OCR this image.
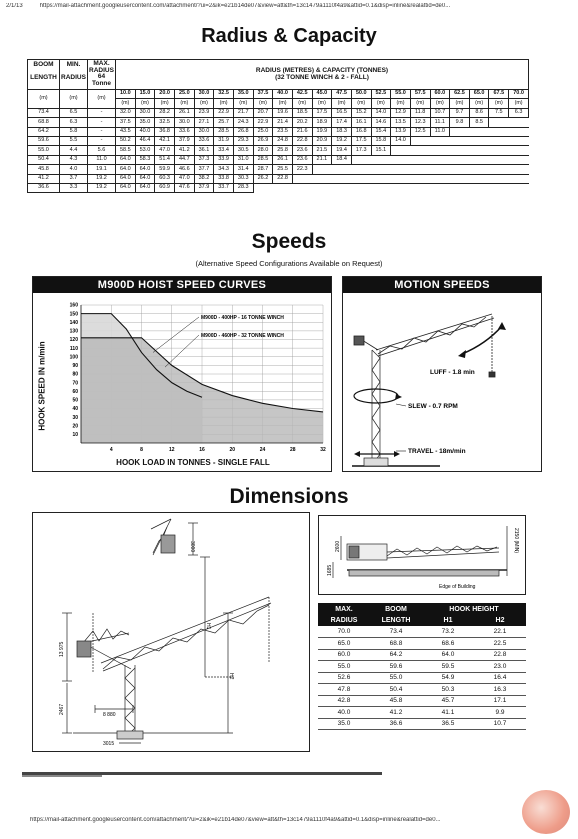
2/1/13	https://mail-attachment.googleusercontent.com/attachment/?ui=2&ik=e21b14de07&view=att&th=13c1479a1110f4a9&attid=0.1&disp=inline&realattid=de0...
Radius & Capacity
BOOM

LENGTH	MIN.

RADIUS	MAX. RADIUS 64 Tonne	RADIUS (METRES) & CAPACITY (TONNES)
(32 TONNE WINCH & 2 - FALL)																				
(m)	(m)	(m)	10.0	15.0	20.0	25.0	30.0	32.5	35.0	37.5	40.0	42.5	45.0	47.5	50.0	52.5	55.0	57.5	60.0	62.5	65.0	67.5	70.0
			(m)	(m)	(m)	(m)	(m)	(m)	(m)	(m)	(m)	(m)	(m)	(m)	(m)	(m)	(m)	(m)	(m)	(m)	(m)	(m)	(m)
73.4	6.5	-	32.0	30.0	28.2	26.1	23.9	22.9	21.7	20.7	19.6	18.5	17.5	16.5	15.2	14.0	12.9	11.8	10.7	9.7	8.6	7.5	6.3
68.8	6.3	-	37.5	35.0	32.5	30.0	27.1	25.7	24.3	22.9	21.4	20.2	18.9	17.4	16.1	14.6	13.5	12.3	11.1	9.8	8.5		
64.2	5.8	-	43.5	40.0	36.8	33.6	30.0	28.5	26.8	25.0	23.5	21.6	19.9	18.3	16.8	15.4	13.9	12.5	11.0				
59.6	5.5	-	50.2	46.4	42.1	37.9	33.6	31.9	29.3	26.9	24.8	22.8	20.9	19.2	17.5	15.8	14.0						
55.0	4.4	5.6	58.5	53.0	47.0	41.2	36.1	33.4	30.5	28.0	25.8	23.6	21.5	19.4	17.3	15.1							
50.4	4.3	11.0	64.0	58.3	51.4	44.7	37.3	33.9	31.0	28.5	26.1	23.6	21.1	18.4									
45.8	4.0	19.1	64.0	64.0	59.9	46.6	37.7	34.3	31.4	28.7	25.5	22.3											
41.2	3.7	19.2	64.0	64.0	60.3	47.0	38.2	33.8	30.3	26.2	22.8												
36.6	3.3	19.2	64.0	64.0	60.9	47.6	37.9	33.7	28.3														
Speeds
(Alternative Speed Configurations Available on Request)
M900D HOIST SPEED CURVES
HOOK SPEED IN m/min
10
20
30
40
50
60
70
80
90
100
110
120
130
140
150
160
4	8	12	16	20	24	28	32
M900D - 400HP - 16 TONNE WINCH
M900D - 460HP - 32 TONNE WINCH
HOOK LOAD IN TONNES - SINGLE FALL
MOTION SPEEDS
LUFF - 1.8 min
SLEW - 0.7 RPM
TRAVEL - 18m/min
Dimensions
3000
H1
H2
13 975
2467	8 880
3015
2600	2150 (MIN)
1685
Edge of Building
MAX.	BOOM	HOOK HEIGHT	
RADIUS	LENGTH	H1	H2
70.0	73.4	73.2	22.1
65.0	68.8	68.6	22.5
60.0	64.2	64.0	22.8
55.0	59.6	59.5	23.0
52.6	55.0	54.9	16.4
47.8	50.4	50.3	16.3
42.8	45.8	45.7	17.1
40.0	41.2	41.1	9.9
35.0	36.6	36.5	10.7
https://mail-attachment.googleusercontent.com/attachment/?ui=2&ik=e21b14de07&view=att&th=13c1479a1110f4a9&attid=0.1&disp=inline&realattid=de0...
